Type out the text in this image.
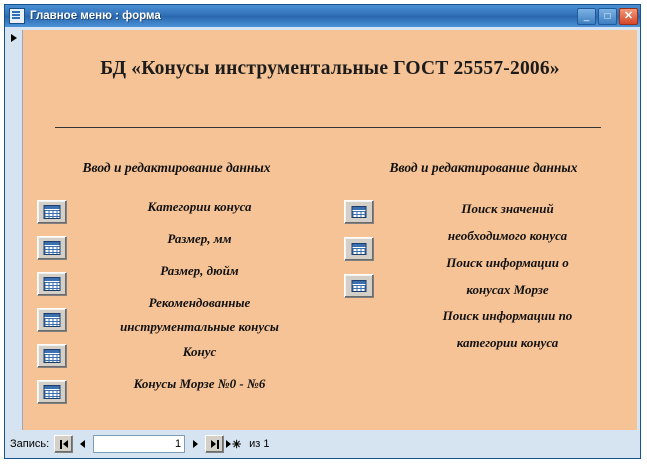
Главное меню : форма	_	□	✕
БД «Конусы инструментальные ГОСТ 25557-2006»
Ввод и редактирование данных
Категории конуса
Размер, мм
Размер, дюйм
Рекомендованные
инструментальные конусы
Конус
Конусы Морзе №0 - №6
Ввод и редактирование данных
Поиск значений
необходимого конуса
Поиск информации о
конусах Морзе
Поиск информации по
категории конуса
Запись:	1	✳ из 1
